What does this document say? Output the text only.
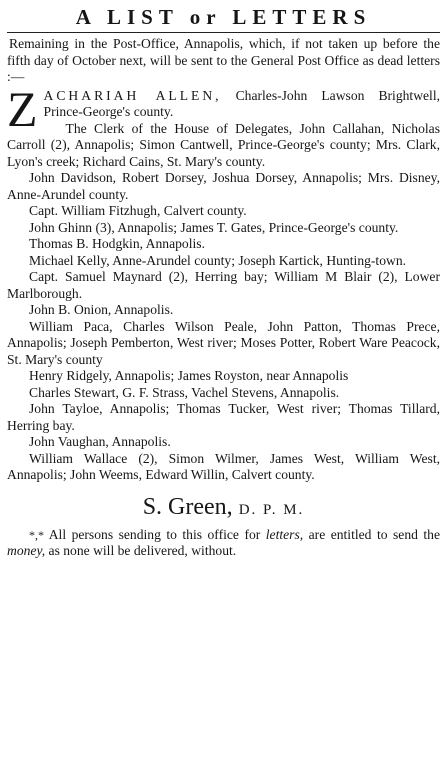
A LIST or LETTERS

Remaining in the Post-Office, Annapolis, which, if not taken up before the fifth day of October next, will be sent to the General Post Office as dead letters :—

ZACHARIAH ALLEN, Charles-John Lawson Brightwell, Prince-George's county.

The Clerk of the House of Delegates, John Callahan, Nicholas Carroll (2), Annapolis; Simon Cantwell, Prince-George's county; Mrs. Clark, Lyon's creek; Richard Cains, St. Mary's county.

John Davidson, Robert Dorsey, Joshua Dorsey, Annapolis; Mrs. Disney, Anne-Arundel county.

Capt. William Fitzhugh, Calvert county.

John Ghinn (3), Annapolis; James T. Gates, Prince-George's county.

Thomas B. Hodgkin, Annapolis.

Michael Kelly, Anne-Arundel county; Joseph Kartick, Hunting-town.

Capt. Samuel Maynard (2), Herring bay; William M Blair (2), Lower Marlborough.

John B. Onion, Annapolis.

William Paca, Charles Wilson Peale, John Patton, Thomas Prece, Annapolis; Joseph Pemberton, West river; Moses Potter, Robert Ware Peacock, St. Mary's county

Henry Ridgely, Annapolis; James Royston, near Annapolis

Charles Stewart, G. F. Strass, Vachel Stevens, Annapolis.

John Tayloe, Annapolis; Thomas Tucker, West river; Thomas Tillard, Herring bay.

John Vaughan, Annapolis.

William Wallace (2), Simon Wilmer, James West, William West, Annapolis; John Weems, Edward Willin, Calvert county.

S. Green, D. P. M.

*,* All persons sending to this office for letters, are entitled to send the money, as none will be delivered, without.
